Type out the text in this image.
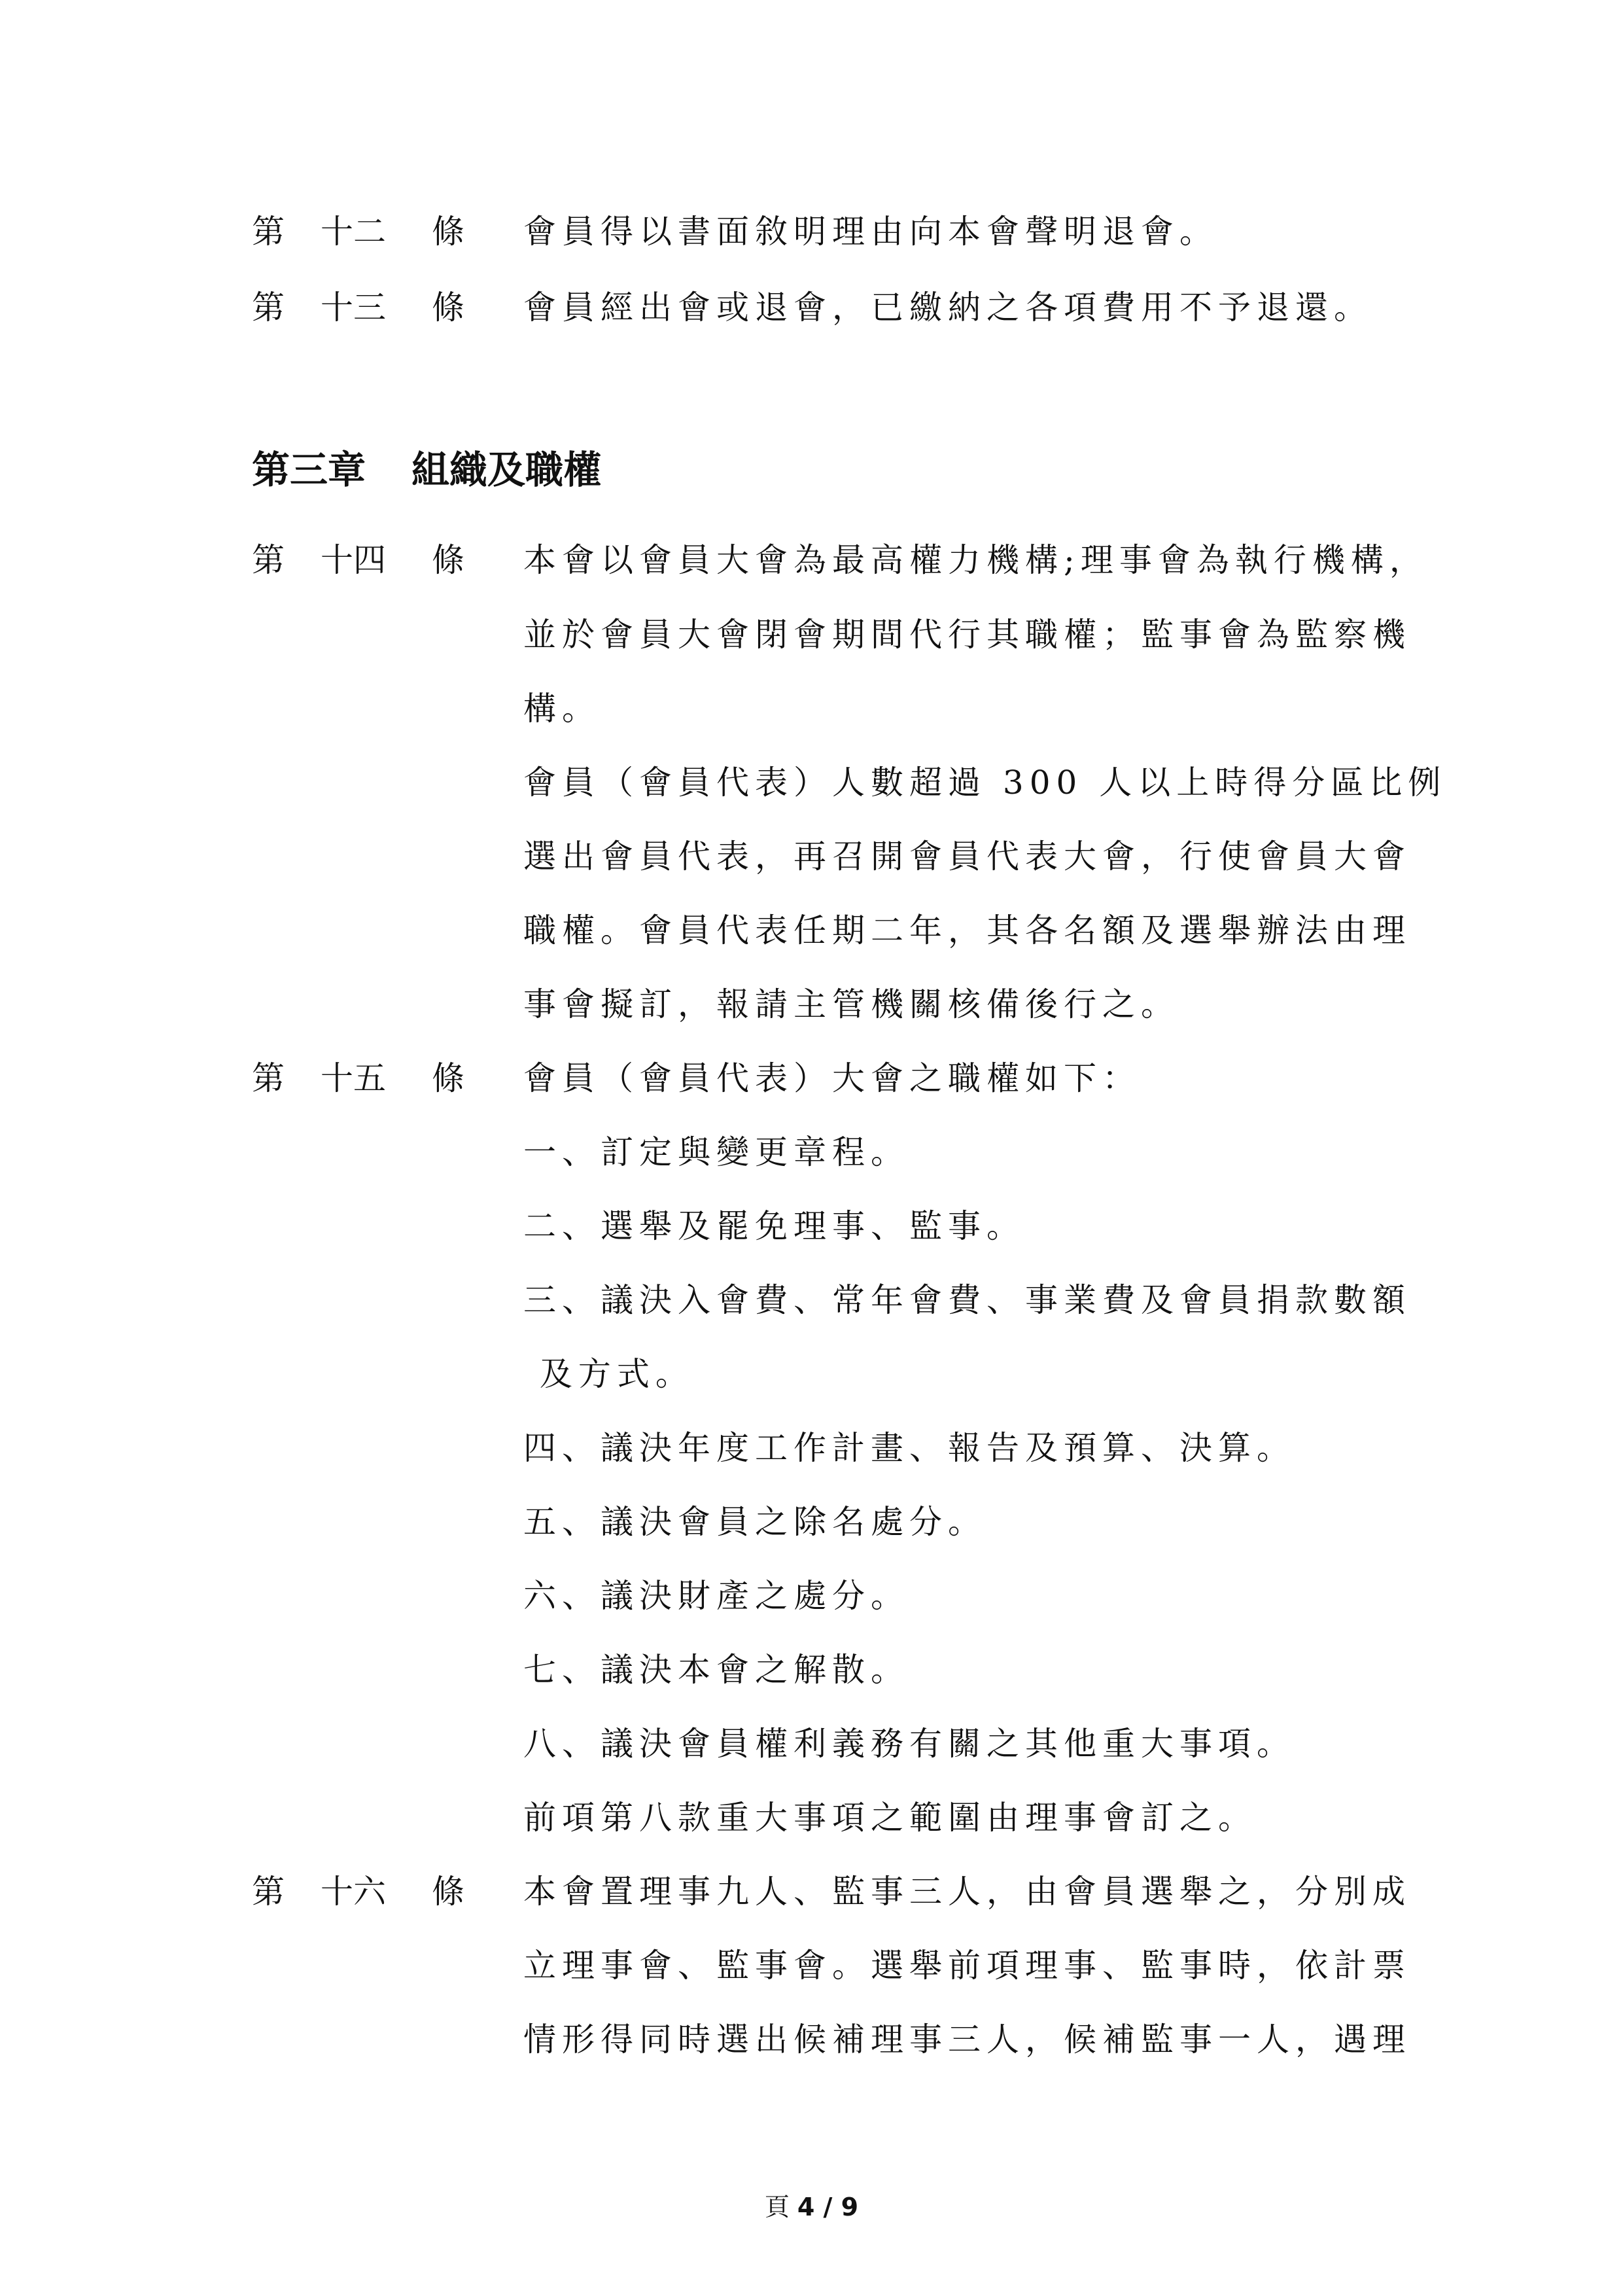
第

十二

條

會員得以書面敘明理由向本會聲明退會。

第

十三

條

會員經出會或退會，已繳納之各項費用不予退還。
第三章 組織及職權

第

十四

條

本會以會員大會為最高權力機構;理事會為執行機構，
並於會員大會閉會期間代行其職權；監事會為監察機
構。
會員（會員代表）人數超過 300 人以上時得分區比例
選出會員代表，再召開會員代表大會，行使會員大會
職權。會員代表任期二年，其各名額及選舉辦法由理
事會擬訂，報請主管機關核備後行之。

第

十五

條

會員（會員代表）大會之職權如下：
一、訂定與變更章程。
二、選舉及罷免理事、監事。
三、議決入會費、常年會費、事業費及會員捐款數額
及方式。
四、議決年度工作計畫、報告及預算、決算。
五、議決會員之除名處分。
六、議決財產之處分。
七、議決本會之解散。
八、議決會員權利義務有關之其他重大事項。
前項第八款重大事項之範圍由理事會訂之。

第

十六

條

本會置理事九人、監事三人，由會員選舉之，分別成
立理事會、監事會。選舉前項理事、監事時，依計票
情形得同時選出候補理事三人，候補監事一人，遇理
頁 4 / 9
